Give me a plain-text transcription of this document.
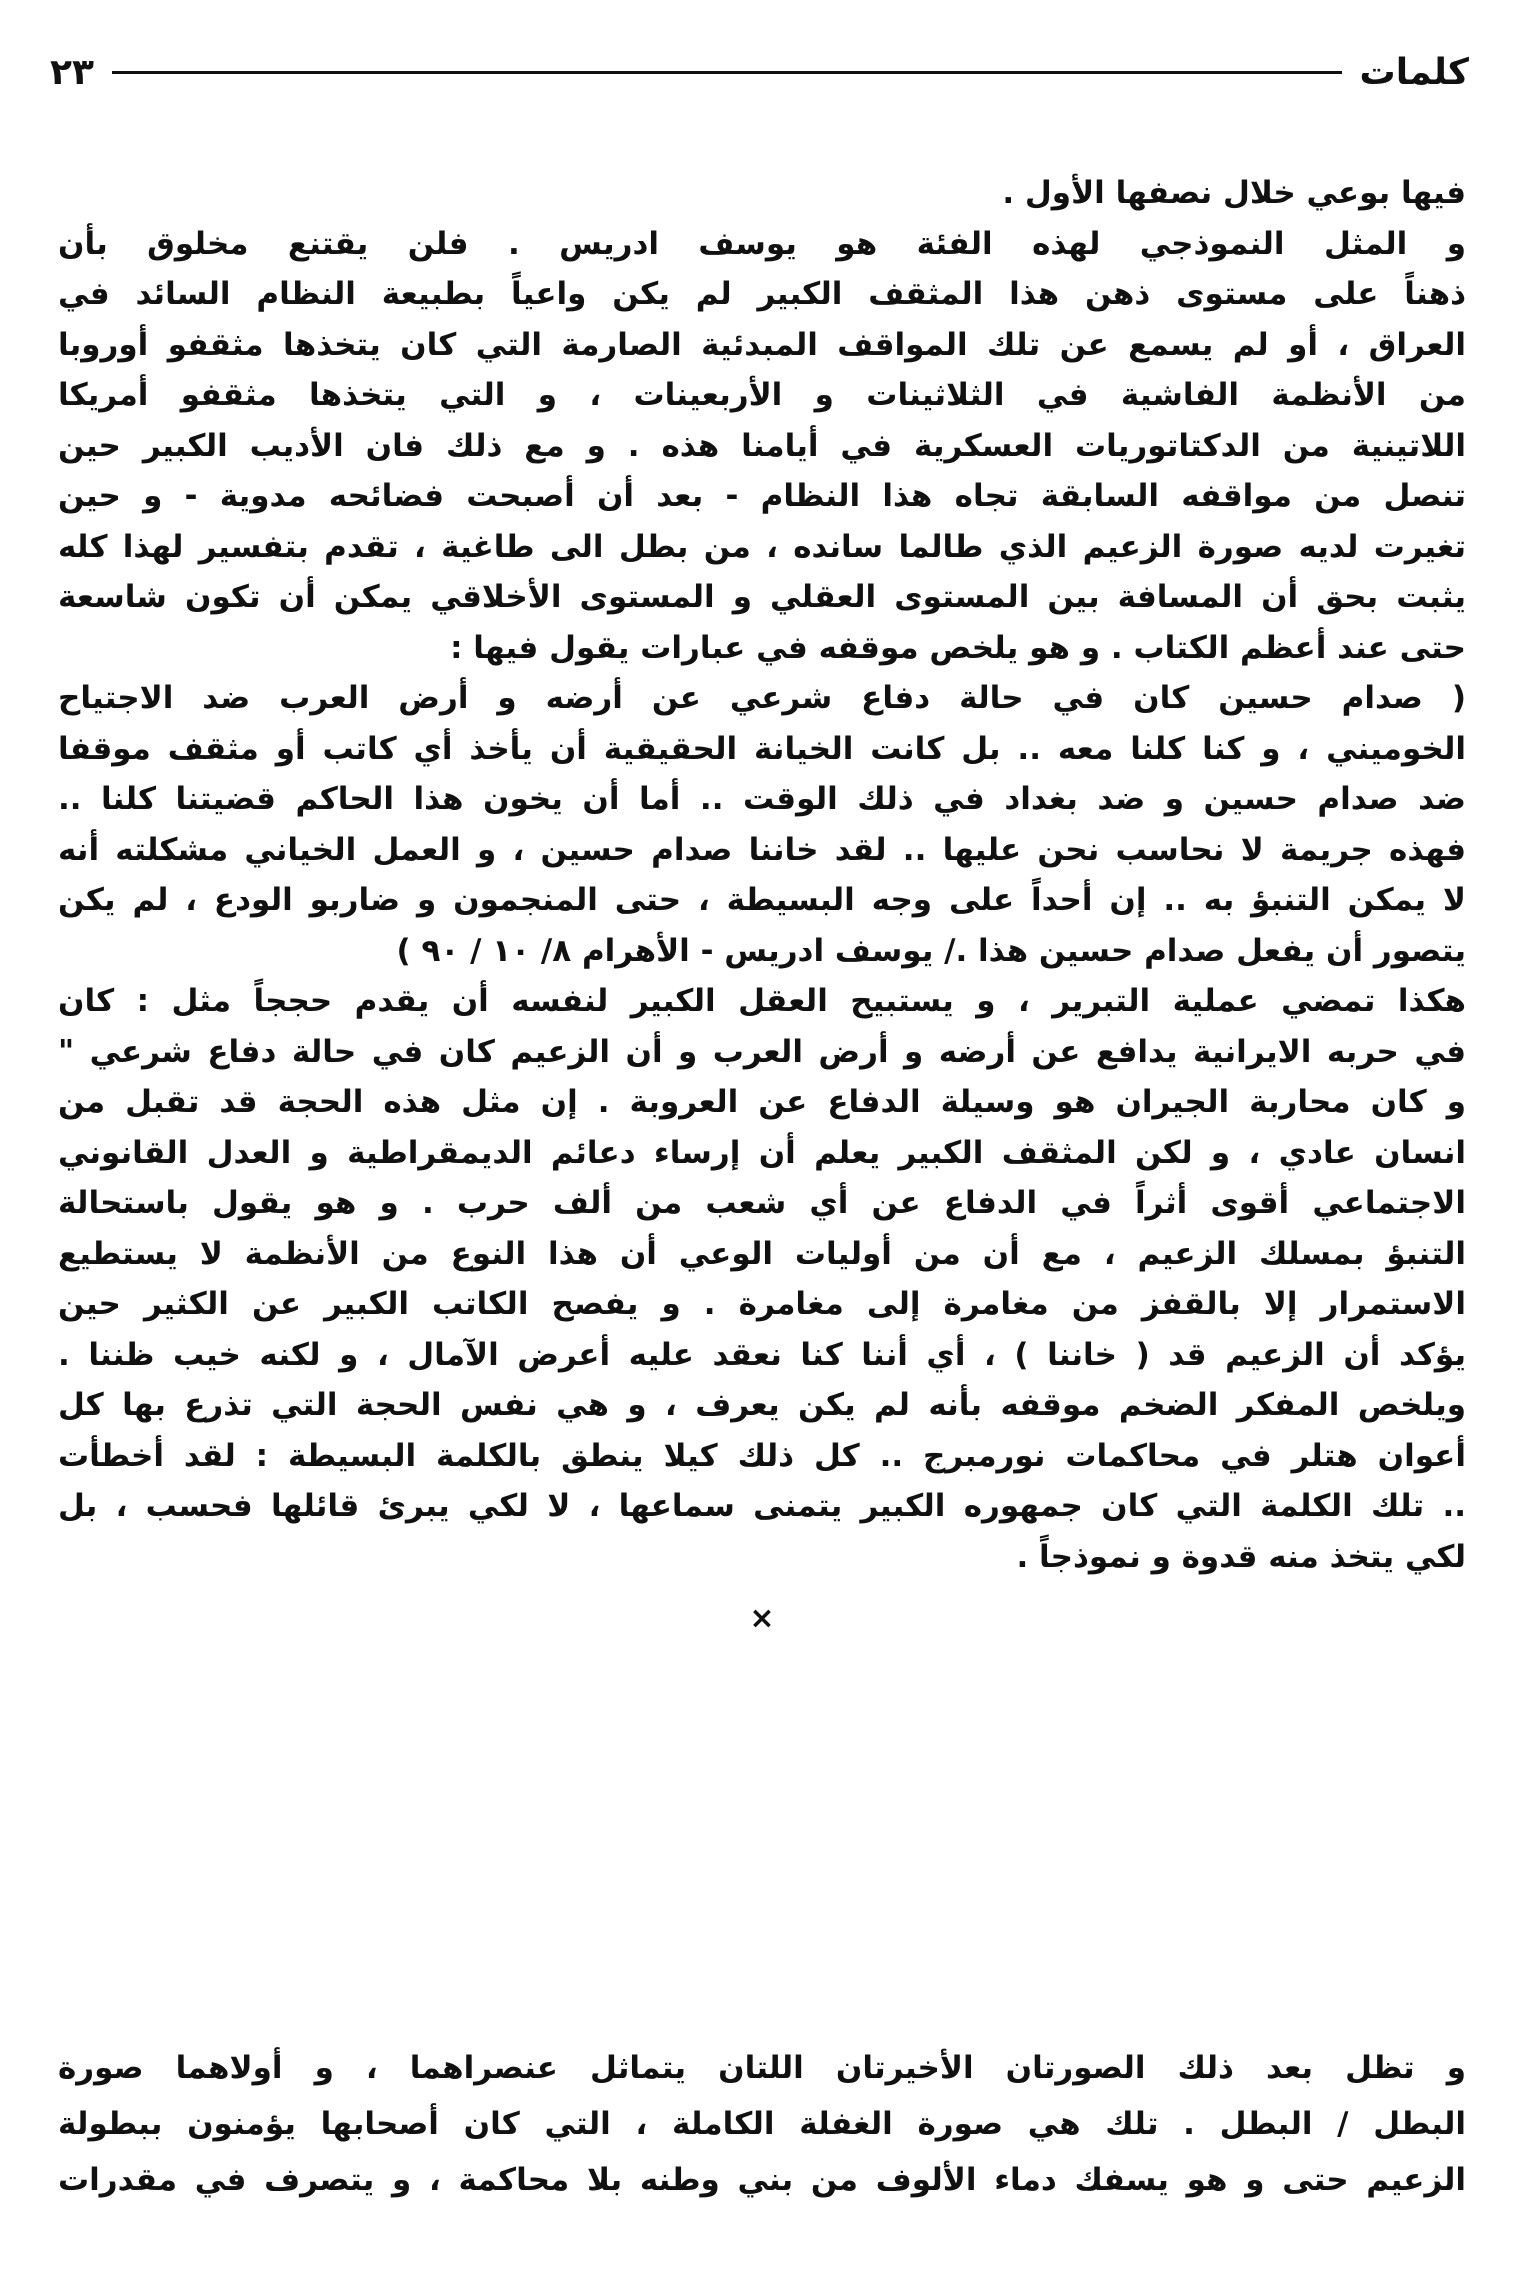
كلمات
٢٣
فيها بوعي خلال نصفها الأول .
و المثل النموذجي لهذه الفئة هو يوسف ادريس . فلن يقتنع مخلوق بأن
ذهناً على مستوى ذهن هذا المثقف الكبير لم يكن واعياً بطبيعة النظام السائد في
العراق ، أو لم يسمع عن تلك المواقف المبدئية الصارمة التي كان يتخذها مثقفو أوروبا
من الأنظمة الفاشية في الثلاثينات و الأربعينات ، و التي يتخذها مثقفو أمريكا
اللاتينية من الدكتاتوريات العسكرية في أيامنا هذه . و مع ذلك فان الأديب الكبير حين
تنصل من مواقفه السابقة تجاه هذا النظام - بعد أن أصبحت فضائحه مدوية - و حين
تغيرت لديه صورة الزعيم الذي طالما سانده ، من بطل الى طاغية ، تقدم بتفسير لهذا كله
يثبت بحق أن المسافة بين المستوى العقلي و المستوى الأخلاقي يمكن أن تكون شاسعة
حتى عند أعظم الكتاب . و هو يلخص موقفه في عبارات يقول فيها :
( صدام حسين كان في حالة دفاع شرعي عن أرضه و أرض العرب ضد الاجتياح
الخوميني ، و كنا كلنا معه .. بل كانت الخيانة الحقيقية أن يأخذ أي كاتب أو مثقف موقفا
ضد صدام حسين و ضد بغداد في ذلك الوقت .. أما أن يخون هذا الحاكم قضيتنا كلنا ..
فهذه جريمة لا نحاسب نحن عليها .. لقد خاننا صدام حسين ، و العمل الخياني مشكلته أنه
لا يمكن التنبؤ به .. إن أحداً على وجه البسيطة ، حتى المنجمون و ضاربو الودع ، لم يكن
يتصور أن يفعل صدام حسين هذا ./ يوسف ادريس - الأهرام ٨/ ١٠ / ٩٠ )
هكذا تمضي عملية التبرير ، و يستبيح العقل الكبير لنفسه أن يقدم حججاً مثل : كان
في حربه الايرانية يدافع عن أرضه و أرض العرب و أن الزعيم كان في حالة دفاع شرعي "
و كان محاربة الجيران هو وسيلة الدفاع عن العروبة . إن مثل هذه الحجة قد تقبل من
انسان عادي ، و لكن المثقف الكبير يعلم أن إرساء دعائم الديمقراطية و العدل القانوني
الاجتماعي أقوى أثراً في الدفاع عن أي شعب من ألف حرب . و هو يقول باستحالة
التنبؤ بمسلك الزعيم ، مع أن من أوليات الوعي أن هذا النوع من الأنظمة لا يستطيع
الاستمرار إلا بالقفز من مغامرة إلى مغامرة . و يفصح الكاتب الكبير عن الكثير حين
يؤكد أن الزعيم قد ( خاننا ) ، أي أننا كنا نعقد عليه أعرض الآمال ، و لكنه خيب ظننا .
ويلخص المفكر الضخم موقفه بأنه لم يكن يعرف ، و هي نفس الحجة التي تذرع بها كل
أعوان هتلر في محاكمات نورمبرج .. كل ذلك كيلا ينطق بالكلمة البسيطة : لقد أخطأت
.. تلك الكلمة التي كان جمهوره الكبير يتمنى سماعها ، لا لكي يبرئ قائلها فحسب ، بل
لكي يتخذ منه قدوة و نموذجاً .
×
و تظل بعد ذلك الصورتان الأخيرتان اللتان يتماثل عنصراهما ، و أولاهما صورة
البطل / البطل . تلك هي صورة الغفلة الكاملة ، التي كان أصحابها يؤمنون ببطولة
الزعيم حتى و هو يسفك دماء الألوف من بني وطنه بلا محاكمة ، و يتصرف في مقدرات
